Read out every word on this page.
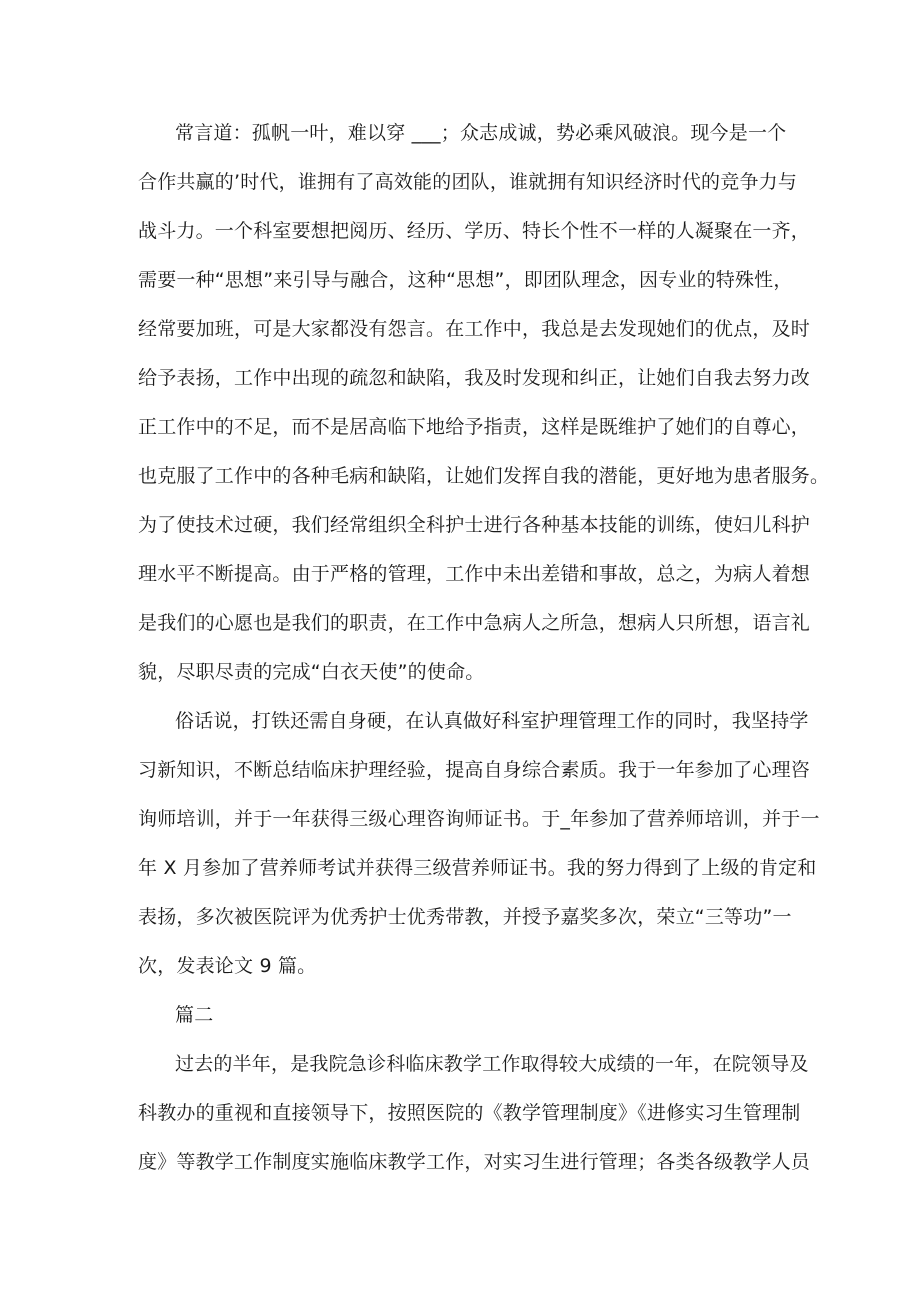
常言道：孤帆一叶，难以穿 ___；众志成诚，势必乘风破浪。现今是一个
合作共赢的’时代，谁拥有了高效能的团队，谁就拥有知识经济时代的竞争力与
战斗力。一个科室要想把阅历、经历、学历、特长个性不一样的人凝聚在一齐，
需要一种“思想”来引导与融合，这种“思想”，即团队理念，因专业的特殊性，
经常要加班，可是大家都没有怨言。在工作中，我总是去发现她们的优点，及时
给予表扬，工作中出现的疏忽和缺陷，我及时发现和纠正，让她们自我去努力改
正工作中的不足，而不是居高临下地给予指责，这样是既维护了她们的自尊心，
也克服了工作中的各种毛病和缺陷，让她们发挥自我的潜能，更好地为患者服务。
为了使技术过硬，我们经常组织全科护士进行各种基本技能的训练，使妇儿科护
理水平不断提高。由于严格的管理，工作中未出差错和事故，总之，为病人着想
是我们的心愿也是我们的职责，在工作中急病人之所急，想病人只所想，语言礼
貌，尽职尽责的完成“白衣天使”的使命。
俗话说，打铁还需自身硬，在认真做好科室护理管理工作的同时，我坚持学
习新知识，不断总结临床护理经验，提高自身综合素质。我于一年参加了心理咨
询师培训，并于一年获得三级心理咨询师证书。于_年参加了营养师培训，并于一
年 X 月参加了营养师考试并获得三级营养师证书。我的努力得到了上级的肯定和
表扬，多次被医院评为优秀护士优秀带教，并授予嘉奖多次，荣立“三等功”一
次，发表论文 9 篇。
篇二
过去的半年，是我院急诊科临床教学工作取得较大成绩的一年，在院领导及
科教办的重视和直接领导下，按照医院的《教学管理制度》《进修实习生管理制
度》等教学工作制度实施临床教学工作，对实习生进行管理；各类各级教学人员
